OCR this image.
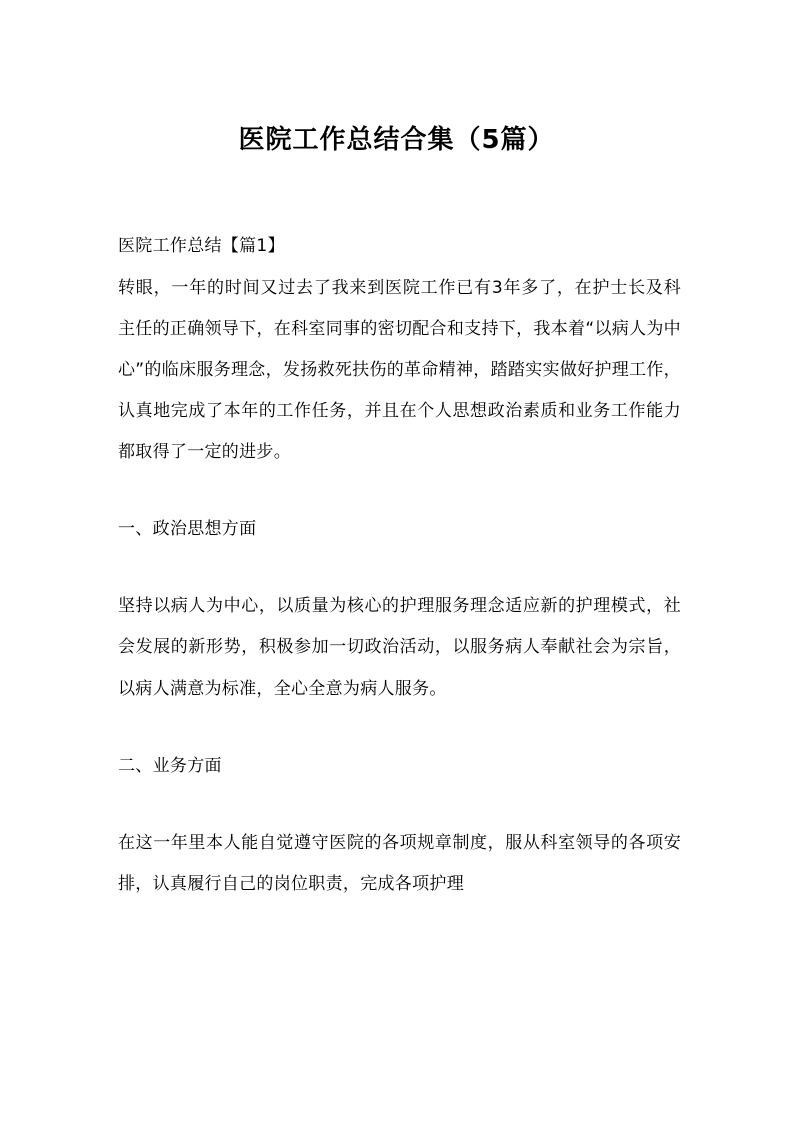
医院工作总结合集（5篇）

医院工作总结【篇1】

转眼，一年的时间又过去了我来到医院工作已有3年多了，在护士长及科主任的正确领导下，在科室同事的密切配合和支持下，我本着“以病人为中心”的临床服务理念，发扬救死扶伤的革命精神，踏踏实实做好护理工作，认真地完成了本年的工作任务，并且在个人思想政治素质和业务工作能力都取得了一定的进步。

一、政治思想方面

坚持以病人为中心，以质量为核心的护理服务理念适应新的护理模式，社会发展的新形势，积极参加一切政治活动，以服务病人奉献社会为宗旨，以病人满意为标准，全心全意为病人服务。

二、业务方面

在这一年里本人能自觉遵守医院的各项规章制度，服从科室领导的各项安排，认真履行自己的岗位职责，完成各项护理
